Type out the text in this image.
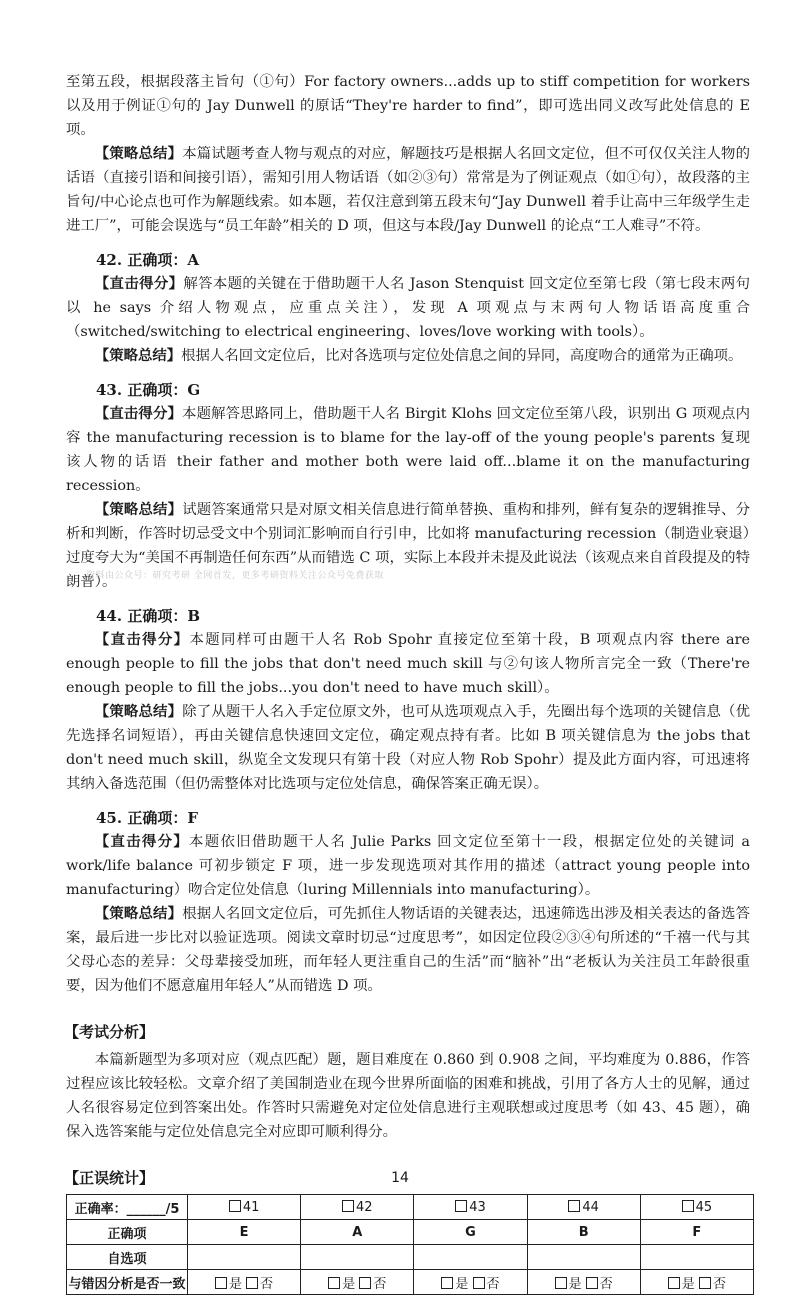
至第五段，根据段落主旨句（①句）For factory owners...adds up to stiff competition for workers 以及用于例证①句的 Jay Dunwell 的原话“They're harder to find”，即可选出同义改写此处信息的 E 项。

【策略总结】本篇试题考查人物与观点的对应，解题技巧是根据人名回文定位，但不可仅仅关注人物的话语（直接引语和间接引语），需知引用人物话语（如②③句）常常是为了例证观点（如①句），故段落的主旨句/中心论点也可作为解题线索。如本题，若仅注意到第五段末句“Jay Dunwell 着手让高中三年级学生走进工厂”，可能会误选与“员工年龄”相关的 D 项，但这与本段/Jay Dunwell 的论点“工人难寻”不符。

42. 正确项：A

【直击得分】解答本题的关键在于借助题干人名 Jason Stenquist 回文定位至第七段（第七段末两句以 he says 介绍人物观点，应重点关注），发现 A 项观点与末两句人物话语高度重合（switched/switching to electrical engineering、loves/love working with tools）。

【策略总结】根据人名回文定位后，比对各选项与定位处信息之间的异同，高度吻合的通常为正确项。

43. 正确项：G

【直击得分】本题解答思路同上，借助题干人名 Birgit Klohs 回文定位至第八段，识别出 G 项观点内容 the manufacturing recession is to blame for the lay-off of the young people's parents 复现该人物的话语 their father and mother both were laid off...blame it on the manufacturing recession。

【策略总结】试题答案通常只是对原文相关信息进行简单替换、重构和排列，鲜有复杂的逻辑推导、分析和判断，作答时切忌受文中个别词汇影响而自行引申，比如将 manufacturing recession（制造业衰退）过度夸大为“美国不再制造任何东西”从而错选 C 项，实际上本段并未提及此说法（该观点来自首段提及的特朗普）。

44. 正确项：B

【直击得分】本题同样可由题干人名 Rob Spohr 直接定位至第十段，B 项观点内容 there are enough people to fill the jobs that don't need much skill 与②句该人物所言完全一致（There're enough people to fill the jobs...you don't need to have much skill）。

【策略总结】除了从题干人名入手定位原文外，也可从选项观点入手，先圈出每个选项的关键信息（优先选择名词短语），再由关键信息快速回文定位，确定观点持有者。比如 B 项关键信息为 the jobs that don't need much skill，纵览全文发现只有第十段（对应人物 Rob Spohr）提及此方面内容，可迅速将其纳入备选范围（但仍需整体对比选项与定位处信息，确保答案正确无误）。

45. 正确项：F

【直击得分】本题依旧借助题干人名 Julie Parks 回文定位至第十一段，根据定位处的关键词 a work/life balance 可初步锁定 F 项，进一步发现选项对其作用的描述（attract young people into manufacturing）吻合定位处信息（luring Millennials into manufacturing）。

【策略总结】根据人名回文定位后，可先抓住人物话语的关键表达，迅速筛选出涉及相关表达的备选答案，最后进一步比对以验证选项。阅读文章时切忌“过度思考”，如因定位段②③④句所述的“千禧一代与其父母心态的差异：父母辈接受加班，而年轻人更注重自己的生活”而“脑补”出“老板认为关注员工年龄很重要，因为他们不愿意雇用年轻人”从而错选 D 项。

【考试分析】

本篇新题型为多项对应（观点匹配）题，题目难度在 0.860 到 0.908 之间，平均难度为 0.886，作答过程应该比较轻松。文章介绍了美国制造业在现今世界所面临的困难和挑战，引用了各方人士的见解，通过人名很容易定位到答案出处。作答时只需避免对定位处信息进行主观联想或过度思考（如 43、45 题），确保入选答案能与定位处信息完全对应即可顺利得分。

【正误统计】
正确率：______/5	41	42	43	44	45
正确项	E	A	G	B	F
自选项					
与错因分析是否一致	是 否	是 否	是 否	是 否	是 否
资料由公众号：研究考研 全网首发，更多考研资料关注公众号免费获取
14
